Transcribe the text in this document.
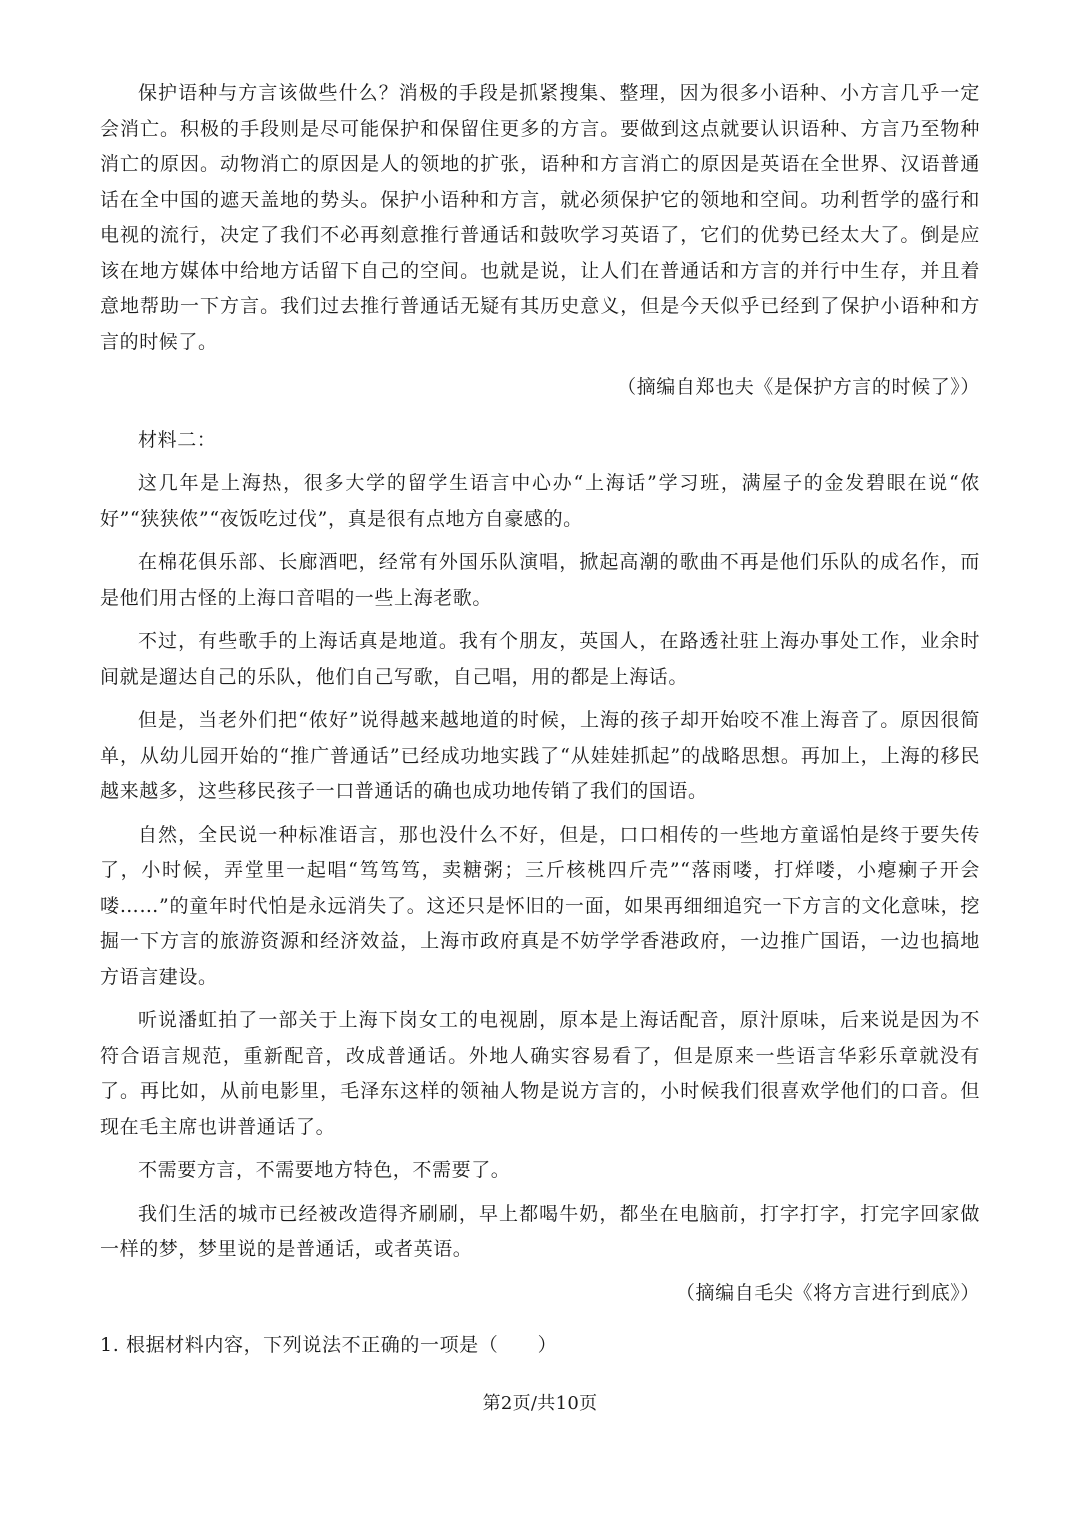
保护语种与方言该做些什么？消极的手段是抓紧搜集、整理，因为很多小语种、小方言几乎一定会消亡。积极的手段则是尽可能保护和保留住更多的方言。要做到这点就要认识语种、方言乃至物种消亡的原因。动物消亡的原因是人的领地的扩张，语种和方言消亡的原因是英语在全世界、汉语普通话在全中国的遮天盖地的势头。保护小语种和方言，就必须保护它的领地和空间。功利哲学的盛行和电视的流行，决定了我们不必再刻意推行普通话和鼓吹学习英语了，它们的优势已经太大了。倒是应该在地方媒体中给地方话留下自己的空间。也就是说，让人们在普通话和方言的并行中生存，并且着意地帮助一下方言。我们过去推行普通话无疑有其历史意义，但是今天似乎已经到了保护小语种和方言的时候了。

（摘编自郑也夫《是保护方言的时候了》）

材料二：

这几年是上海热，很多大学的留学生语言中心办“上海话”学习班，满屋子的金发碧眼在说“侬好”“狭狭侬”“夜饭吃过伐”，真是很有点地方自豪感的。

在棉花俱乐部、长廊酒吧，经常有外国乐队演唱，掀起高潮的歌曲不再是他们乐队的成名作，而是他们用古怪的上海口音唱的一些上海老歌。

不过，有些歌手的上海话真是地道。我有个朋友，英国人，在路透社驻上海办事处工作，业余时间就是遛达自己的乐队，他们自己写歌，自己唱，用的都是上海话。

但是，当老外们把“侬好”说得越来越地道的时候，上海的孩子却开始咬不准上海音了。原因很简单，从幼儿园开始的“推广普通话”已经成功地实践了“从娃娃抓起”的战略思想。再加上，上海的移民越来越多，这些移民孩子一口普通话的确也成功地传销了我们的国语。

自然，全民说一种标准语言，那也没什么不好，但是，口口相传的一些地方童谣怕是终于要失传了，小时候，弄堂里一起唱“笃笃笃，卖糖粥；三斤核桃四斤壳”“落雨喽，打烊喽，小瘪瘌子开会喽……”的童年时代怕是永远消失了。这还只是怀旧的一面，如果再细细追究一下方言的文化意味，挖掘一下方言的旅游资源和经济效益，上海市政府真是不妨学学香港政府，一边推广国语，一边也搞地方语言建设。

听说潘虹拍了一部关于上海下岗女工的电视剧，原本是上海话配音，原汁原味，后来说是因为不符合语言规范，重新配音，改成普通话。外地人确实容易看了，但是原来一些语言华彩乐章就没有了。再比如，从前电影里，毛泽东这样的领袖人物是说方言的，小时候我们很喜欢学他们的口音。但现在毛主席也讲普通话了。

不需要方言，不需要地方特色，不需要了。

我们生活的城市已经被改造得齐刷刷，早上都喝牛奶，都坐在电脑前，打字打字，打完字回家做一样的梦，梦里说的是普通话，或者英语。

（摘编自毛尖《将方言进行到底》）

1. 根据材料内容，下列说法不正确的一项是（　　）

第2页/共10页
